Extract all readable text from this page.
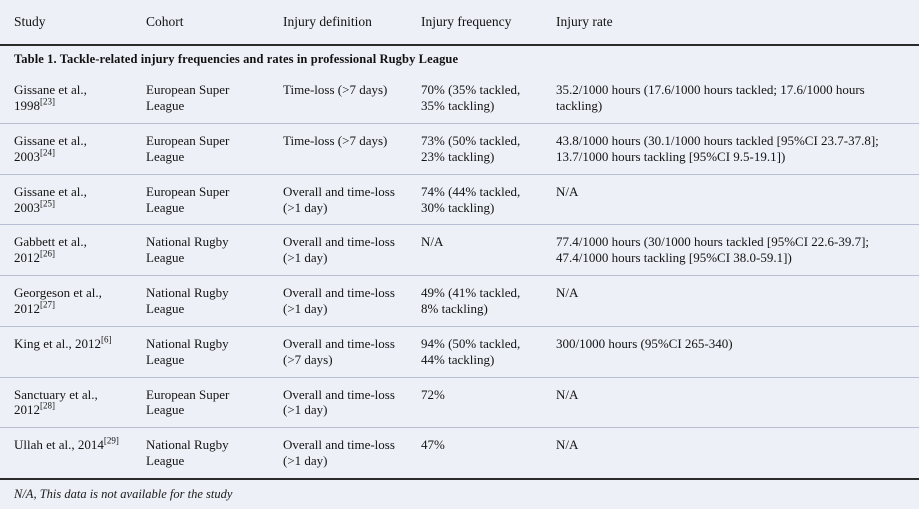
Table 1. Tackle-related injury frequencies and rates in professional Rugby League				
Study	Cohort	Injury definition	Injury frequency	Injury rate
Gissane et al., 1998[23]	European Super League	Time-loss (>7 days)	70% (35% tackled, 35% tackling)	35.2/1000 hours (17.6/1000 hours tackled; 17.6/1000 hours tackling)
Gissane et al., 2003[24]	European Super League	Time-loss (>7 days)	73% (50% tackled, 23% tackling)	43.8/1000 hours (30.1/1000 hours tackled [95%CI 23.7-37.8]; 13.7/1000 hours tackling [95%CI 9.5-19.1])
Gissane et al., 2003[25]	European Super League	Overall and time-loss (>1 day)	74% (44% tackled, 30% tackling)	N/A
Gabbett et al., 2012[26]	National Rugby League	Overall and time-loss (>1 day)	N/A	77.4/1000 hours (30/1000 hours tackled [95%CI 22.6-39.7]; 47.4/1000 hours tackling [95%CI 38.0-59.1])
Georgeson et al., 2012[27]	National Rugby League	Overall and time-loss (>1 day)	49% (41% tackled, 8% tackling)	N/A
King et al., 2012[6]	National Rugby League	Overall and time-loss (>7 days)	94% (50% tackled, 44% tackling)	300/1000 hours (95%CI 265-340)
Sanctuary et al., 2012[28]	European Super League	Overall and time-loss (>1 day)	72%	N/A
Ullah et al., 2014[29]	National Rugby League	Overall and time-loss (>1 day)	47%	N/A
N/A, This data is not available for the study				
